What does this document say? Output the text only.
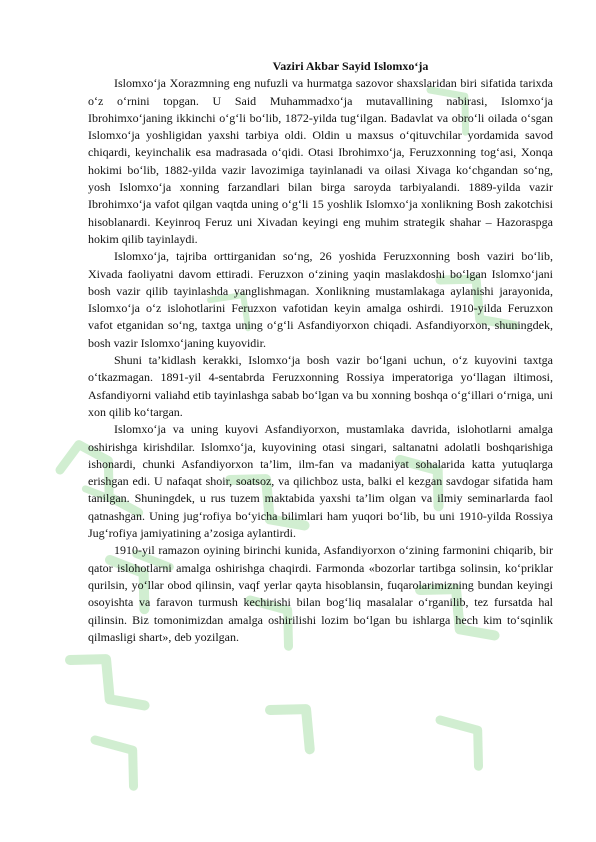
Vaziri Akbar Sayid Islomxo‘ja

Islomxo‘ja Xorazmning eng nufuzli va hurmatga sazovor shaxslaridan biri sifatida tarixda o‘z o‘rnini topgan. U Said Muhammadxo‘ja mutavallining nabirasi, Islomxo‘ja Ibrohimxo‘janing ikkinchi o‘g‘li bo‘lib, 1872-yilda tug‘ilgan. Badavlat va obro‘li oilada o‘sgan Islomxo‘ja yoshligidan yaxshi tarbiya oldi. Oldin u maxsus o‘qituvchilar yordamida savod chiqardi, keyinchalik esa madrasada o‘qidi. Otasi Ibrohimxo‘ja, Feruzxonning tog‘asi, Xonqa hokimi bo‘lib, 1882-yilda vazir lavozimiga tayinlanadi va oilasi Xivaga ko‘chgandan so‘ng, yosh Islomxo‘ja xonning farzandlari bilan birga saroyda tarbiyalandi. 1889-yilda vazir Ibrohimxo‘ja vafot qilgan vaqtda uning o‘g‘li 15 yoshlik Islomxo‘ja xonlikning Bosh zakotchisi hisoblanardi. Keyinroq Feruz uni Xivadan keyingi eng muhim strategik shahar – Hazoraspga hokim qilib tayinlaydi.

Islomxo‘ja, tajriba orttirganidan so‘ng, 26 yoshida Feruzxonning bosh vaziri bo‘lib, Xivada faoliyatni davom ettiradi. Feruzxon o‘zining yaqin maslakdoshi bo‘lgan Islomxo‘jani bosh vazir qilib tayinlashda yanglishmagan. Xonlikning mustamlakaga aylanishi jarayonida, Islomxo‘ja o‘z islohotlarini Feruzxon vafotidan keyin amalga oshirdi. 1910-yilda Feruzxon vafot etganidan so‘ng, taxtga uning o‘g‘li Asfandiyorxon chiqadi. Asfandiyorxon, shuningdek, bosh vazir Islomxo‘janing kuyovidir.

Shuni ta’kidlash kerakki, Islomxo‘ja bosh vazir bo‘lgani uchun, o‘z kuyovini taxtga o‘tkazmagan. 1891-yil 4-sentabrda Feruzxonning Rossiya imperatoriga yo‘llagan iltimosi, Asfandiyorni valiahd etib tayinlashga sabab bo‘lgan va bu xonning boshqa o‘g‘illari o‘rniga, uni xon qilib ko‘targan.

Islomxo‘ja va uning kuyovi Asfandiyorxon, mustamlaka davrida, islohotlarni amalga oshirishga kirishdilar. Islomxo‘ja, kuyovining otasi singari, saltanatni adolatli boshqarishiga ishonardi, chunki Asfandiyorxon ta’lim, ilm-fan va madaniyat sohalarida katta yutuqlarga erishgan edi. U nafaqat shoir, soatsoz, va qilichboz usta, balki el kezgan savdogar sifatida ham tanilgan. Shuningdek, u rus tuzem maktabida yaxshi ta’lim olgan va ilmiy seminarlarda faol qatnashgan. Uning jug‘rofiya bo‘yicha bilimlari ham yuqori bo‘lib, bu uni 1910-yilda Rossiya Jug‘rofiya jamiyatining a’zosiga aylantirdi.

1910-yil ramazon oyining birinchi kunida, Asfandiyorxon o‘zining farmonini chiqarib, bir qator islohotlarni amalga oshirishga chaqirdi. Farmonda «bozorlar tartibga solinsin, ko‘priklar qurilsin, yo‘llar obod qilinsin, vaqf yerlar qayta hisoblansin, fuqarolarimizning bundan keyingi osoyishta va faravon turmush kechirishi bilan bog‘liq masalalar o‘rganilib, tez fursatda hal qilinsin. Biz tomonimizdan amalga oshirilishi lozim bo‘lgan bu ishlarga hech kim to‘sqinlik qilmasligi shart», deb yozilgan.
